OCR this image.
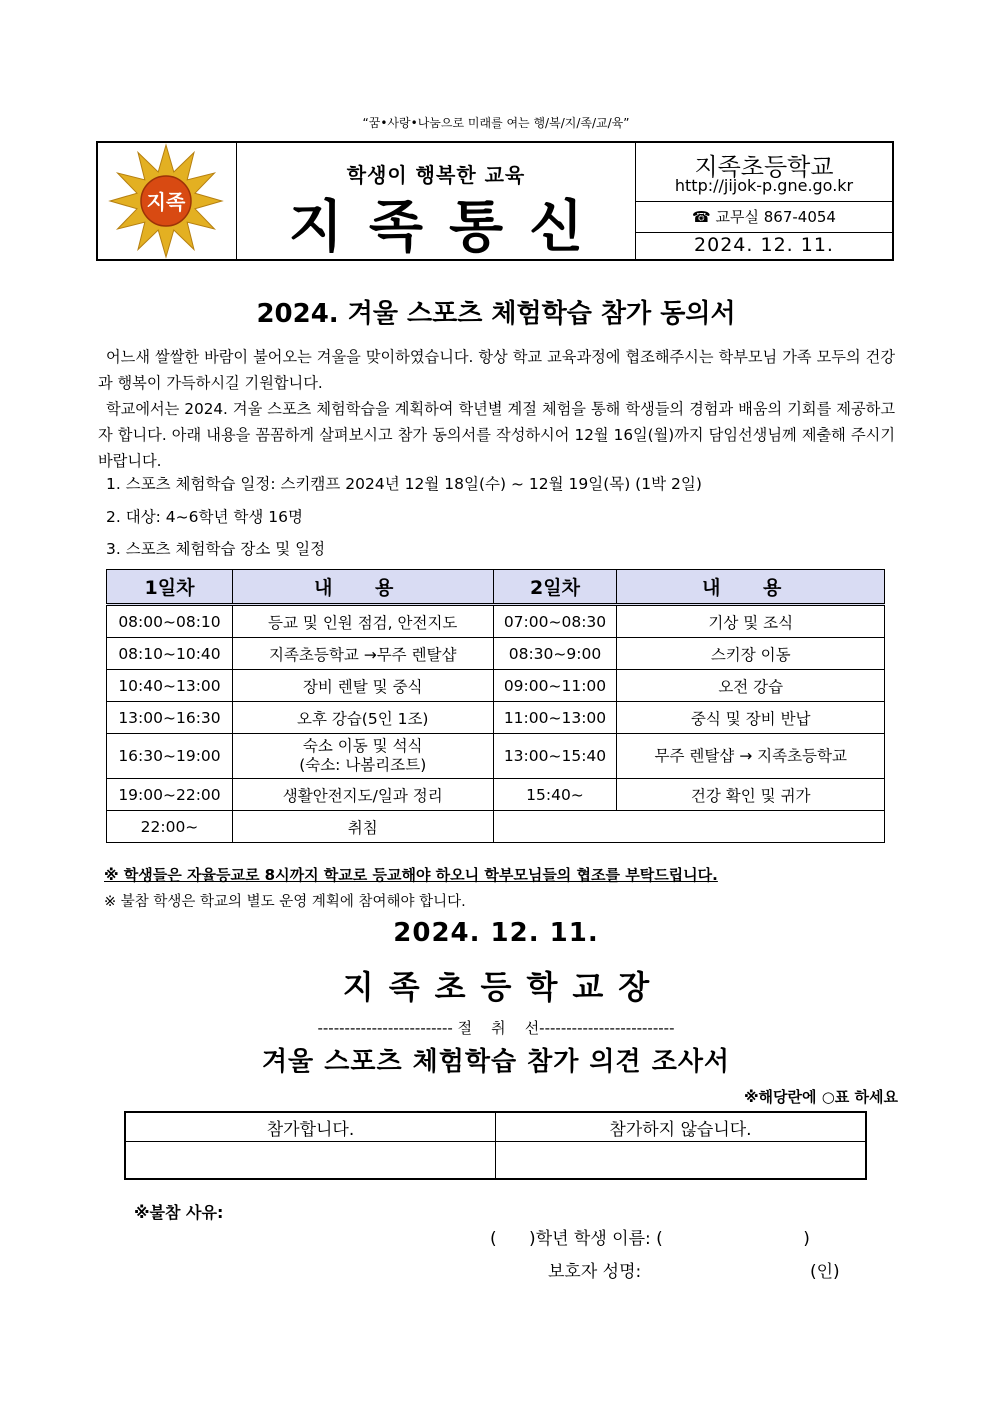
“꿈•사랑•나눔으로 미래를 여는 행/복/지/족/교/육”
지족
학생이 행복한 교육
지족통신
지족초등학교
http://jijok-p.gne.go.kr
☎ 교무실 867-4054
2024. 12. 11.
2024. 겨울 스포츠 체험학습 참가 동의서

어느새 쌀쌀한 바람이 불어오는 겨울을 맞이하였습니다. 항상 학교 교육과정에 협조해주시는 학부모님 가족 모두의 건강과 행복이 가득하시길 기원합니다.

학교에서는 2024. 겨울 스포츠 체험학습을 계획하여 학년별 계절 체험을 통해 학생들의 경험과 배움의 기회를 제공하고자 합니다. 아래 내용을 꼼꼼하게 살펴보시고 참가 동의서를 작성하시어 12월 16일(월)까지 담임선생님께 제출해 주시기 바랍니다.

1. 스포츠 체험학습 일정: 스키캠프 2024년 12월 18일(수) ~ 12월 19일(목) (1박 2일)
2. 대상: 4~6학년 학생 16명
3. 스포츠 체험학습 장소 및 일정
1일차	내 용	2일차	내 용
08:00~08:10	등교 및 인원 점검, 안전지도	07:00~08:30	기상 및 조식
08:10~10:40	지족초등학교 →무주 렌탈샵	08:30~9:00	스키장 이동
10:40~13:00	장비 렌탈 및 중식	09:00~11:00	오전 강습
13:00~16:30	오후 강습(5인 1조)	11:00~13:00	중식 및 장비 반납
16:30~19:00	숙소 이동 및 석식
(숙소: 나봄리조트)	13:00~15:40	무주 렌탈샵 → 지족초등학교
19:00~22:00	생활안전지도/일과 정리	15:40~	건강 확인 및 귀가
22:00~	취침		
※ 학생들은 자율등교로 8시까지 학교로 등교해야 하오니 학부모님들의 협조를 부탁드립니다.
※ 불참 학생은 학교의 별도 운영 계획에 참여해야 합니다.
2024. 12. 11.
지족초등학교장
------------------------- 절    취    선-------------------------
겨울 스포츠 체험학습 참가 의견 조사서
※해당란에 ○표 하세요
참가합니다.	참가하지 않습니다.

※불참 사유:
(      )학년 학생 이름: (                          )
보호자 성명:	(인)
